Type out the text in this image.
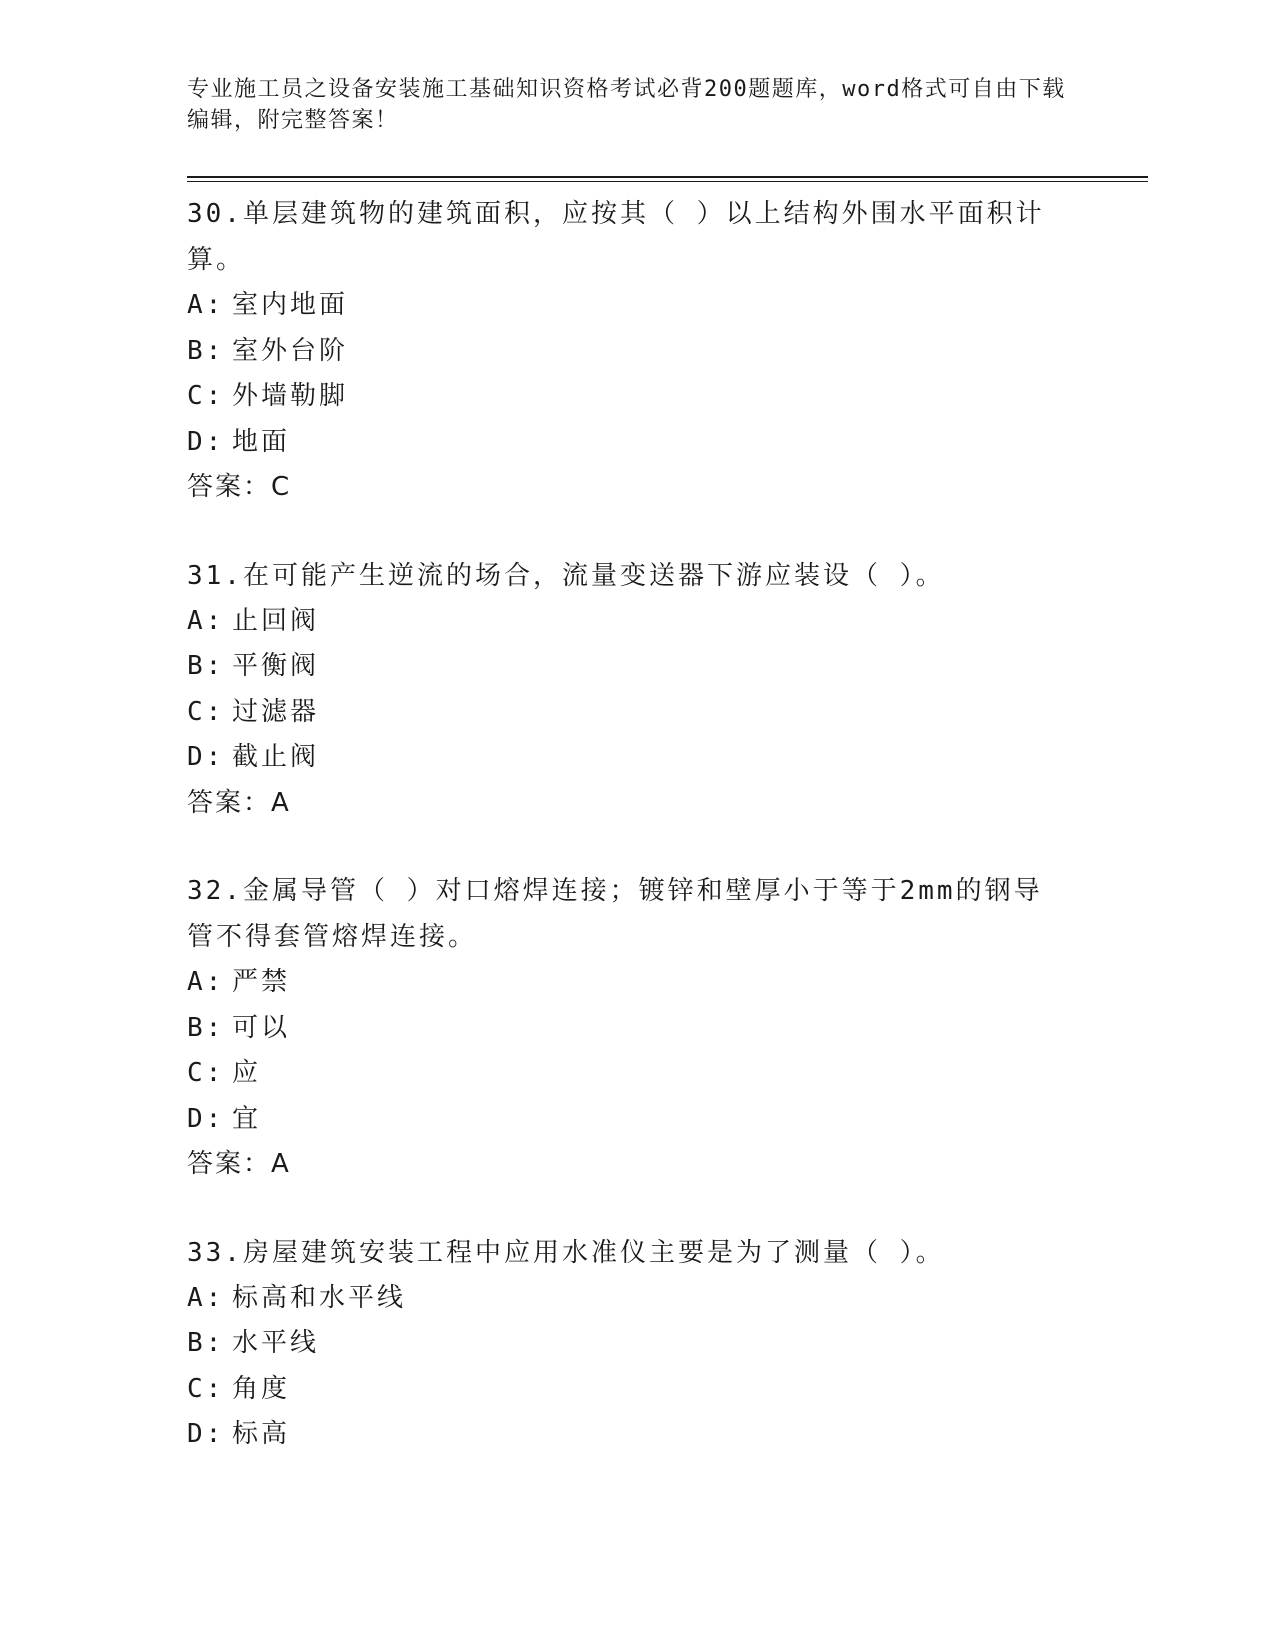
专业施工员之设备安装施工基础知识资格考试必背200题题库，word格式可自由下载编辑，附完整答案！
30.单层建筑物的建筑面积，应按其（ ）以上结构外围水平面积计算。
A: 室内地面
B: 室外台阶
C: 外墙勒脚
D: 地面
答案：C
31.在可能产生逆流的场合，流量变送器下游应装设（ ）。
A: 止回阀
B: 平衡阀
C: 过滤器
D: 截止阀
答案：A
32.金属导管（ ）对口熔焊连接；镀锌和壁厚小于等于2mm的钢导管不得套管熔焊连接。
A: 严禁
B: 可以
C: 应
D: 宜
答案：A
33.房屋建筑安装工程中应用水准仪主要是为了测量（ ）。
A: 标高和水平线
B: 水平线
C: 角度
D: 标高
